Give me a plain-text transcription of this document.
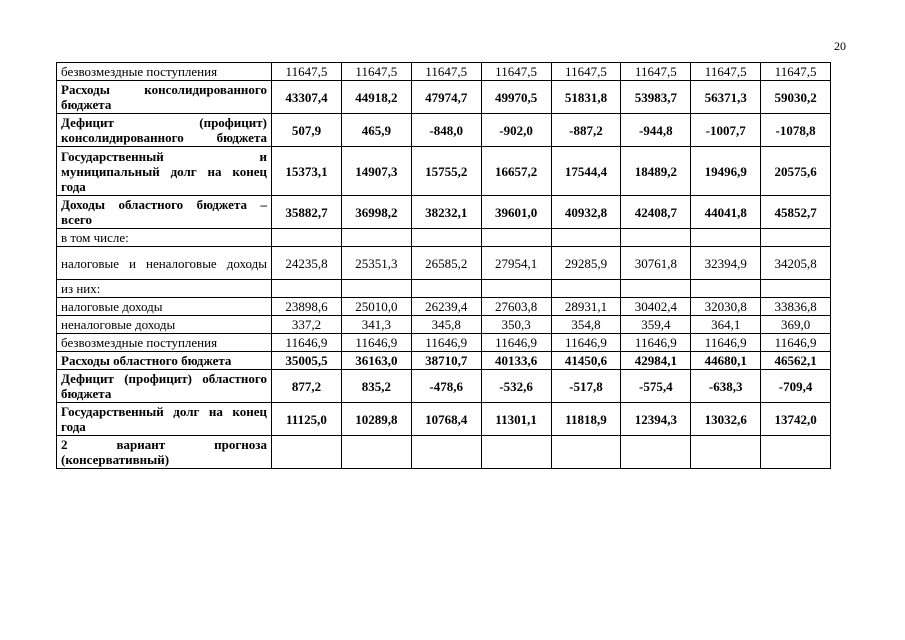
20
безвозмездные поступления	11647,5	11647,5	11647,5	11647,5	11647,5	11647,5	11647,5	11647,5
Расходы консолидированного бюджета	43307,4	44918,2	47974,7	49970,5	51831,8	53983,7	56371,3	59030,2
Дефицит (профицит) консолидированного бюджета	507,9	465,9	-848,0	-902,0	-887,2	-944,8	-1007,7	-1078,8
Государственный и муниципальный долг на конец года	15373,1	14907,3	15755,2	16657,2	17544,4	18489,2	19496,9	20575,6
Доходы областного бюджета – всего	35882,7	36998,2	38232,1	39601,0	40932,8	42408,7	44041,8	45852,7
в том числе:								
налоговые и неналоговые доходы	24235,8	25351,3	26585,2	27954,1	29285,9	30761,8	32394,9	34205,8
из них:								
налоговые доходы	23898,6	25010,0	26239,4	27603,8	28931,1	30402,4	32030,8	33836,8
неналоговые доходы	337,2	341,3	345,8	350,3	354,8	359,4	364,1	369,0
безвозмездные поступления	11646,9	11646,9	11646,9	11646,9	11646,9	11646,9	11646,9	11646,9
Расходы областного бюджета	35005,5	36163,0	38710,7	40133,6	41450,6	42984,1	44680,1	46562,1
Дефицит (профицит) областного бюджета	877,2	835,2	-478,6	-532,6	-517,8	-575,4	-638,3	-709,4
Государственный долг на конец года	11125,0	10289,8	10768,4	11301,1	11818,9	12394,3	13032,6	13742,0
2 вариант прогноза (консервативный)								
